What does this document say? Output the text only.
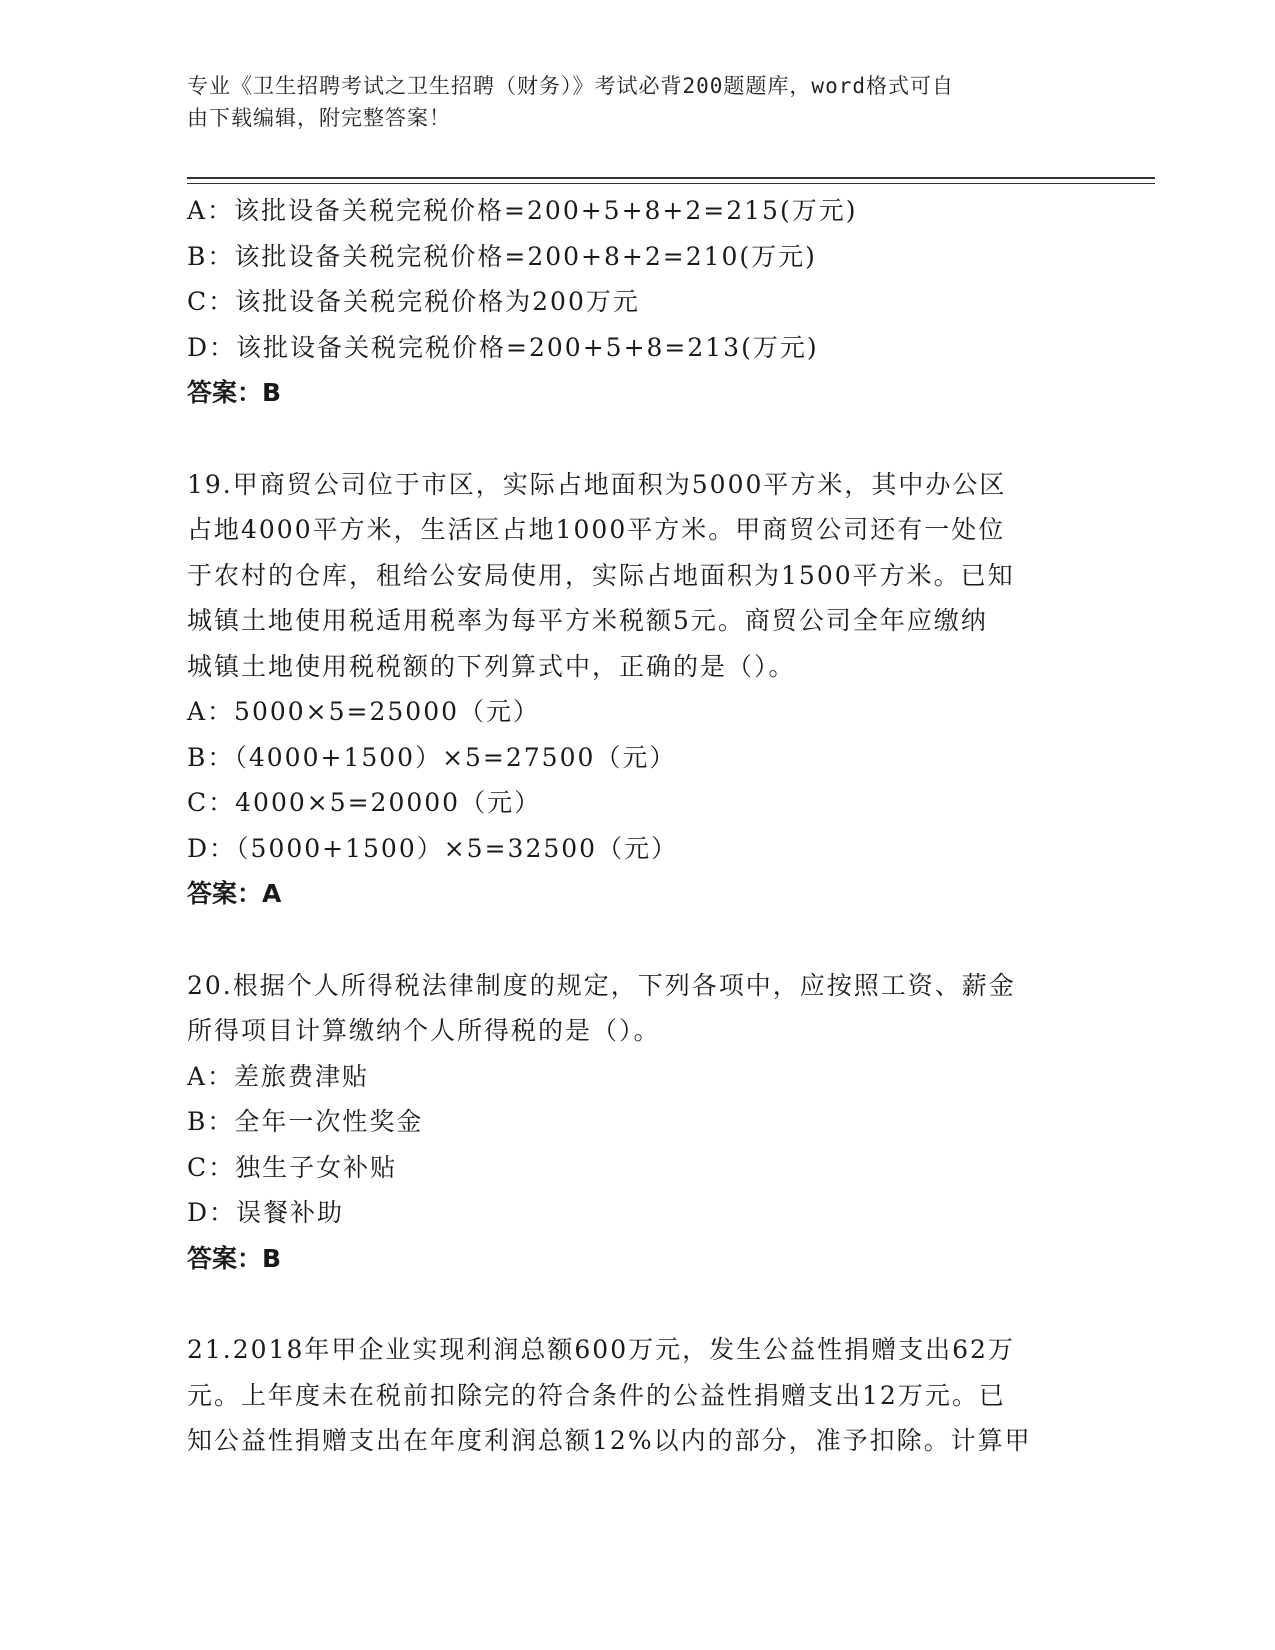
专业《卫生招聘考试之卫生招聘（财务）》考试必背200题题库，word格式可自
由下载编辑，附完整答案！
A：该批设备关税完税价格=200+5+8+2=215(万元)
B：该批设备关税完税价格=200+8+2=210(万元)
C：该批设备关税完税价格为200万元
D：该批设备关税完税价格=200+5+8=213(万元)
答案：B
19.甲商贸公司位于市区，实际占地面积为5000平方米，其中办公区
占地4000平方米，生活区占地1000平方米。甲商贸公司还有一处位
于农村的仓库，租给公安局使用，实际占地面积为1500平方米。已知
城镇土地使用税适用税率为每平方米税额5元。商贸公司全年应缴纳
城镇土地使用税税额的下列算式中，正确的是（）。
A：5000×5=25000（元）
B：（4000+1500）×5=27500（元）
C：4000×5=20000（元）
D：（5000+1500）×5=32500（元）
答案：A
20.根据个人所得税法律制度的规定，下列各项中，应按照工资、薪金
所得项目计算缴纳个人所得税的是（）。
A：差旅费津贴
B：全年一次性奖金
C：独生子女补贴
D：误餐补助
答案：B
21.2018年甲企业实现利润总额600万元，发生公益性捐赠支出62万
元。上年度未在税前扣除完的符合条件的公益性捐赠支出12万元。已
知公益性捐赠支出在年度利润总额12%以内的部分，准予扣除。计算甲
